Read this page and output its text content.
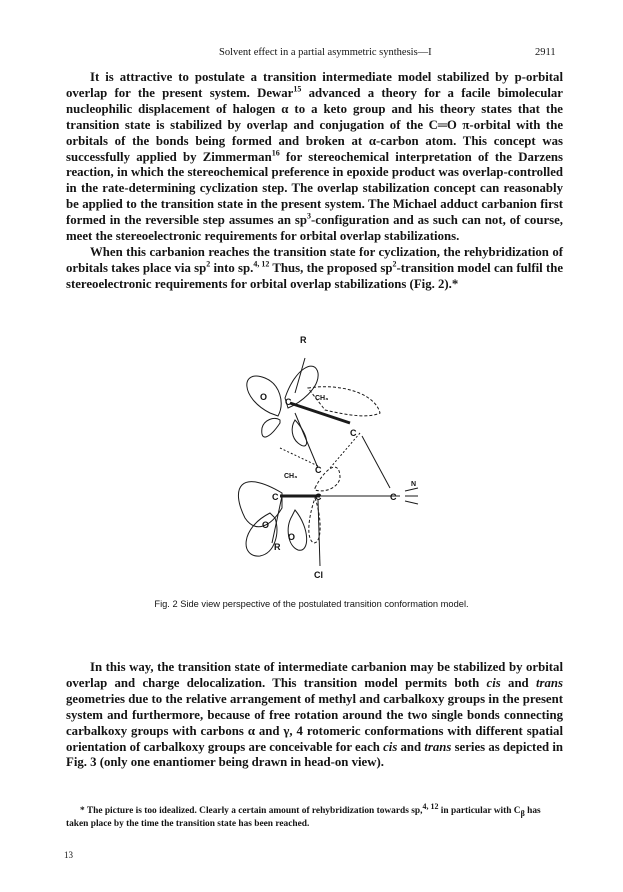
Solvent effect in a partial asymmetric synthesis—I	2911

It is attractive to postulate a transition intermediate model stabilized by p-orbital overlap for the present system. Dewar$^{15}$ advanced a theory for a facile bimolecular nucleophilic displacement of halogen α to a keto group and his theory states that the transition state is stabilized by overlap and conjugation of the C═O π-orbital with the orbitals of the bonds being formed and broken at α-carbon atom. This concept was successfully applied by Zimmerman$^{16}$ for stereochemical interpretation of the Darzens reaction, in which the stereochemical preference in epoxide product was overlap-controlled in the rate-determining cyclization step. The overlap stabilization concept can reasonably be applied to the transition state in the present system. The Michael adduct carbanion first formed in the reversible step assumes an $sp^3$-configuration and as such can not, of course, meet the stereoelectronic requirements for orbital overlap stabilizations.

When this carbanion reaches the transition state for cyclization, the rehybridization of orbitals takes place via $sp^2$ into sp.$^{4, 12}$ Thus, the proposed $sp^2$-transition model can fulfil the stereoelectronic requirements for orbital overlap stabilizations (Fig. 2).*

R
O C	CH₃
C
C
CH₃
C	C	C
N
O
O
R
Cl
Fig. 2 Side view perspective of the postulated transition conformation model.

In this way, the transition state of intermediate carbanion may be stabilized by orbital overlap and charge delocalization. This transition model permits both cis and trans geometries due to the relative arrangement of methyl and carbalkoxy groups in the present system and furthermore, because of free rotation around the two single bonds connecting carbalkoxy groups with carbons α and γ, 4 rotomeric conformations with different spatial orientation of carbalkoxy groups are conceivable for each cis and trans series as depicted in Fig. 3 (only one enantiomer being drawn in head-on view).

* The picture is too idealized. Clearly a certain amount of rehybridization towards sp,$^{4, 12}$ in particular with $C_\beta$ has taken place by the time the transition state has been reached.

13
